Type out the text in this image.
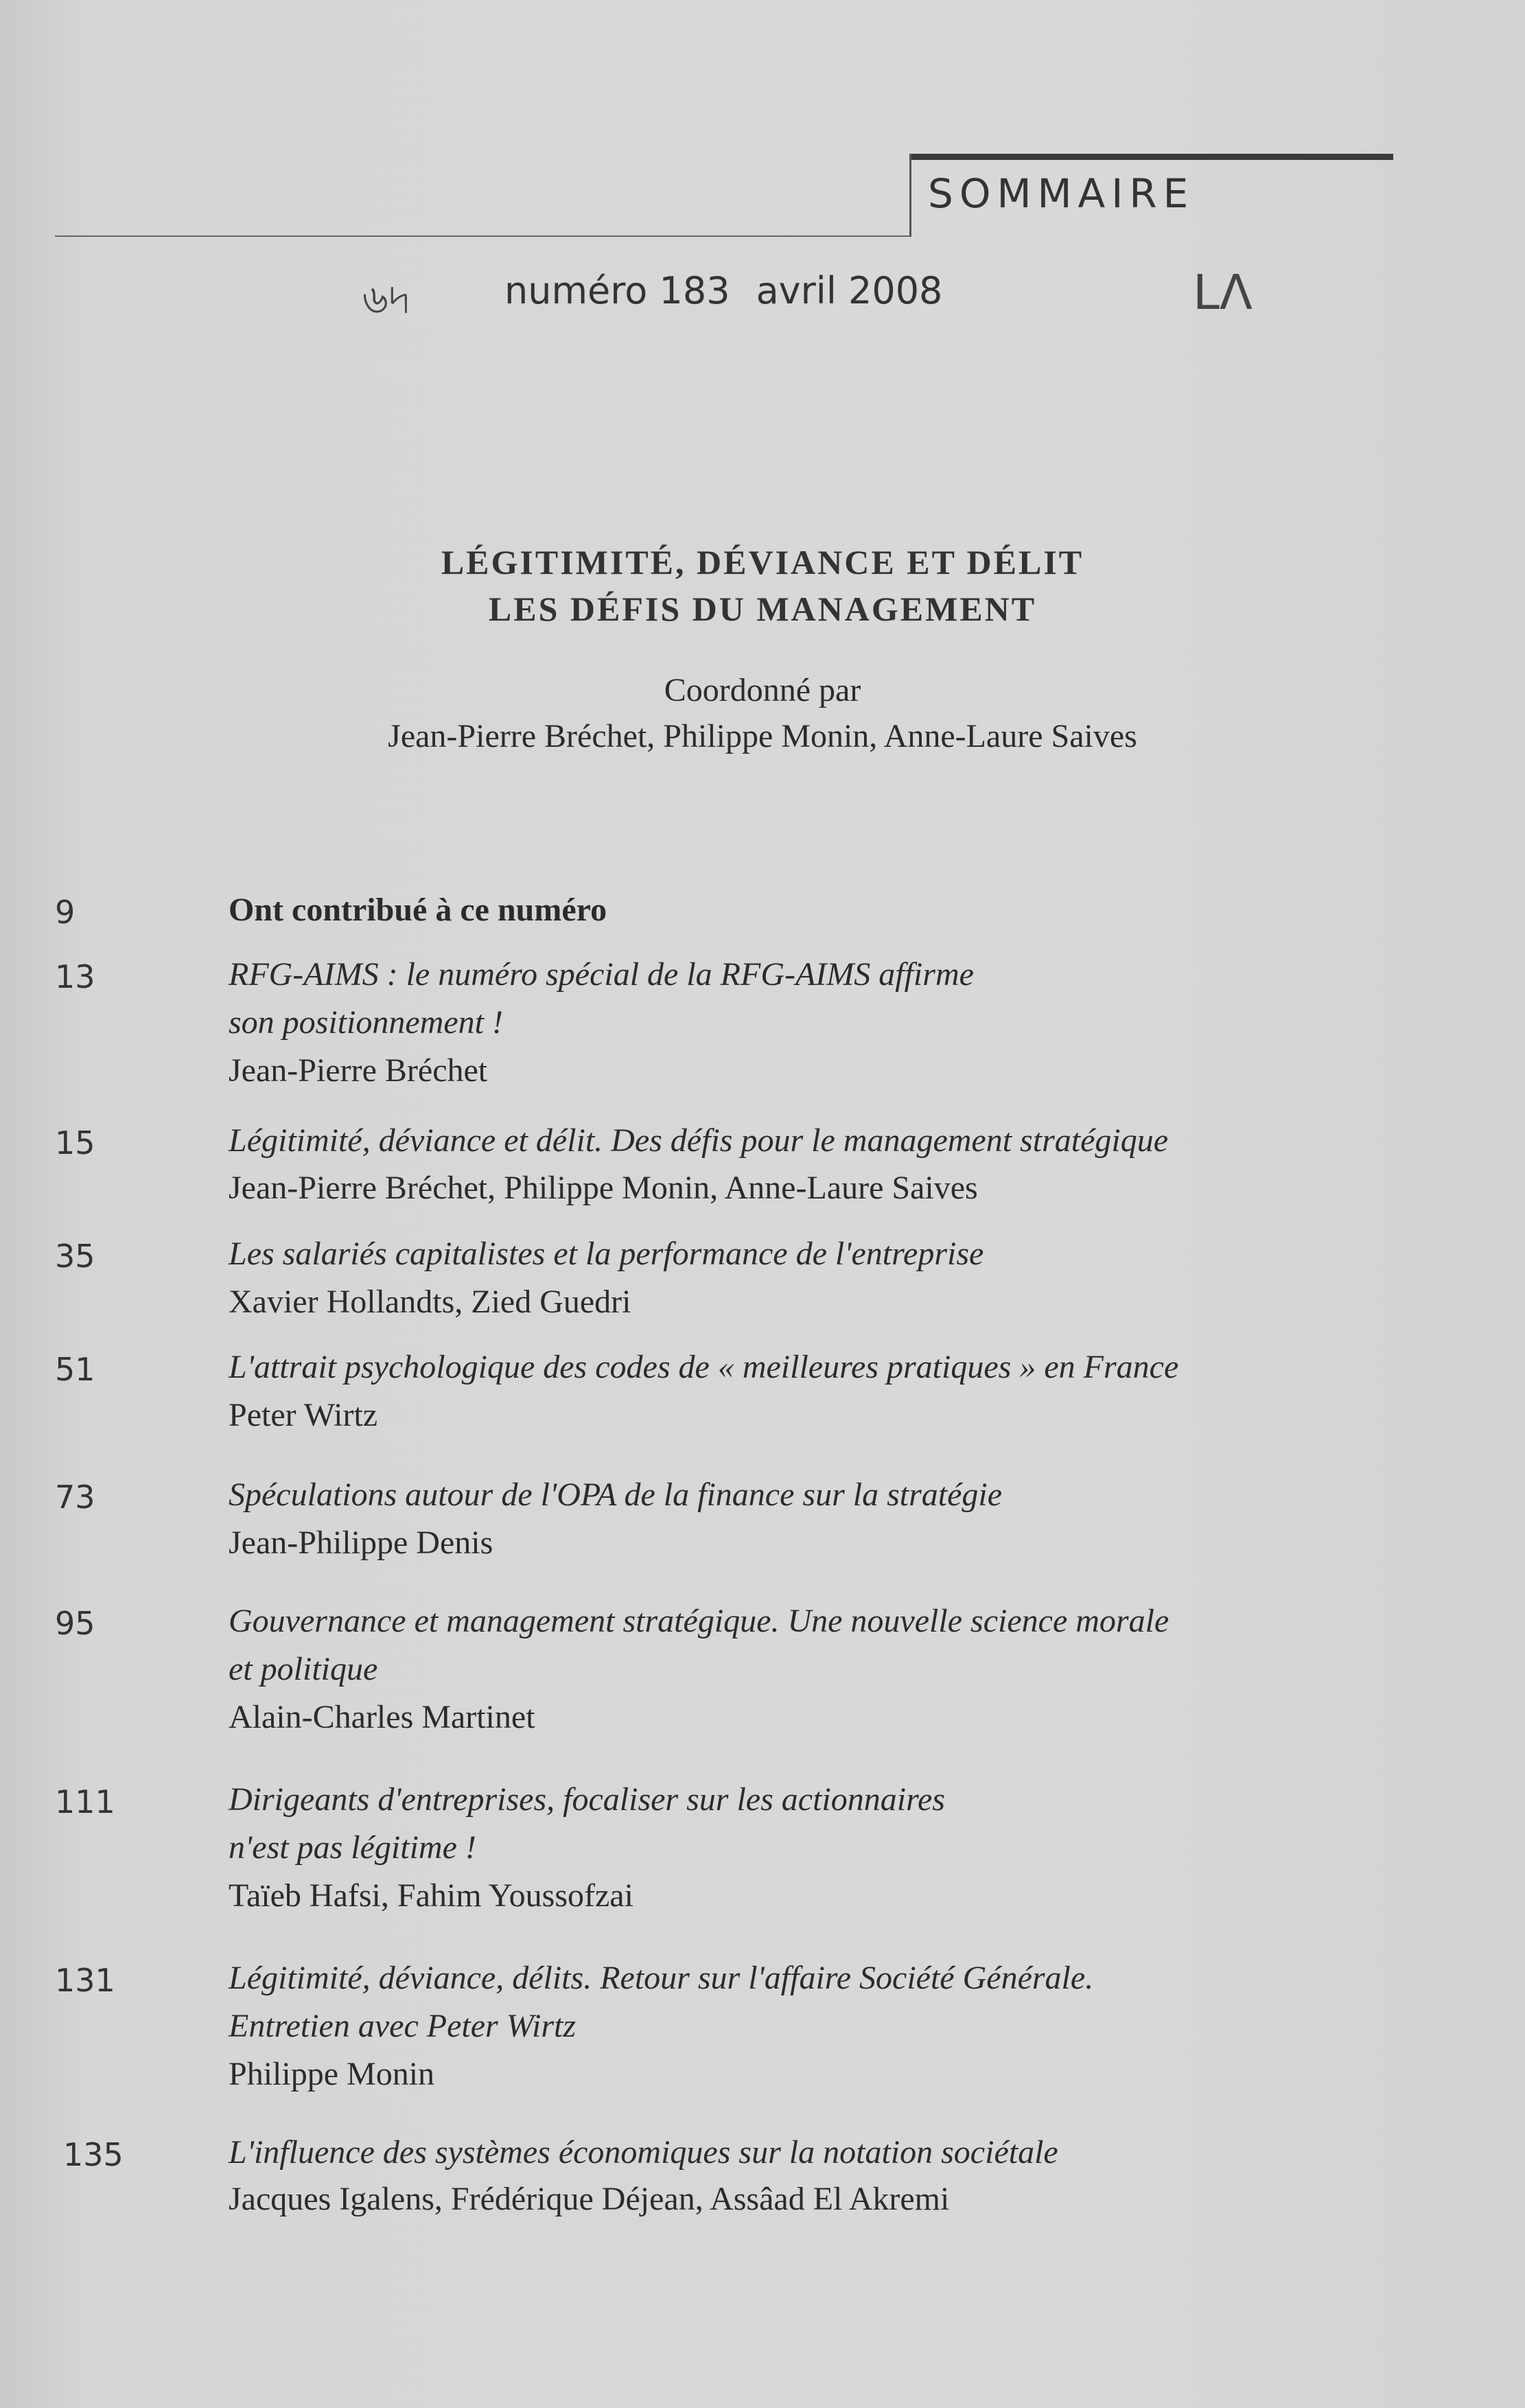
SOMMAIRE
৬৸	numéro 183 avril 2008	ᒪᐱ
LÉGITIMITÉ, DÉVIANCE ET DÉLIT
LES DÉFIS DU MANAGEMENT
Coordonné par
Jean-Pierre Bréchet, Philippe Monin, Anne-Laure Saives
9	Ont contribué à ce numéro
13	RFG-AIMS : le numéro spécial de la RFG-AIMS affirme
son positionnement !
Jean-Pierre Bréchet
15	Légitimité, déviance et délit. Des défis pour le management stratégique
Jean-Pierre Bréchet, Philippe Monin, Anne-Laure Saives
35	Les salariés capitalistes et la performance de l'entreprise
Xavier Hollandts, Zied Guedri
51	L'attrait psychologique des codes de « meilleures pratiques » en France
Peter Wirtz
73	Spéculations autour de l'OPA de la finance sur la stratégie
Jean-Philippe Denis
95	Gouvernance et management stratégique. Une nouvelle science morale
et politique
Alain-Charles Martinet
111	Dirigeants d'entreprises, focaliser sur les actionnaires
n'est pas légitime !
Taïeb Hafsi, Fahim Youssofzai
131	Légitimité, déviance, délits. Retour sur l'affaire Société Générale.
Entretien avec Peter Wirtz
Philippe Monin
135	L'influence des systèmes économiques sur la notation sociétale
Jacques Igalens, Frédérique Déjean, Assâad El Akremi
